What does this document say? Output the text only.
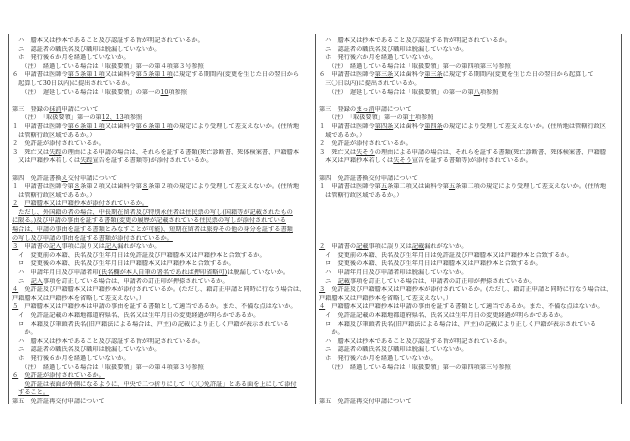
　ハ　謄本又は抄本であること及び認証する旨が明記されているか。
　ニ　認証者の職氏名及び職印は脱漏していないか。
　ホ　発行後６か月を経過していないか。
　　（注）　経過している場合は「取扱要領」第一の第４項第３号参照
６　申請書は医師令第５条第１項又は歯科令第５条第１項に規定する期間内(変更を生じた日の翌日から
　起算して30日以内)に提出されているか。
　　（注）　遅延している場合は「取扱要領」の第一の10項参照
第三　登録の抹消申請について
　　（注）　「取扱要領」第一の第12、13項参照
１　申請書は医師令第６条第１項又は歯科令第６条第１項の規定により受理して差支えないか。(住所地
　は管轄行政区域であるか。）
２　免許証が添付されているか。
３　死亡又は失踪の理由による申請の場合は、それらを証する書類(死亡診断書、死体検案書、戸籍謄本
　又は戸籍抄本若しくは失踪宣告を証する書類等)が添付されているか。
第四　免許証書換え交付申請について
１　申請書は医師令第８条第２項又は歯科令第８条第２項の規定により受理して差支えないか。(住所地
　は管轄行政区域であるか。）
２　 戸籍謄本又は戸籍抄本が添付されているか。
　ただし、外国籍の者の場合、中長期在留者及び特別永住者は住民票の写し(国籍等が記載されたもの
に限る。)及び申請の事由を証する書類(変更の履歴が記載されている住民票の写しが添付されている
場合は、申請の事由を証する書類とみなすことが可能)、短期在留者は旅券その他の身分を証する書類
の写し及び申請の事由を証する書類が添付されているか。
３　申請書の記入事項に誤り又は記入漏れがないか。
　イ　変更前の本籍、氏名及び生年月日は免許証及び戸籍謄本又は戸籍抄本と合致するか。
　ロ　変更後の本籍、氏名及び生年月日は戸籍謄本又は戸籍抄本と合致するか。
　ハ　申請年月日及び申請者印(氏名欄が本人自筆の署名であれば押印省略可)は脱漏していないか。
　ニ　記入事項を訂正している場合は、申請者の訂正印が押捺されているか。
４　免許証及び戸籍謄本又は戸籍抄本が添付されているか。(ただし、籍訂正申請と同時に行なう場合は、
戸籍謄本又は戸籍抄本を省略して差支えない。）
５　戸籍謄本又は戸籍抄本は申請の事由を証する書類として適当であるか。また、不備な点はないか。
　イ　免許証記載の本籍地都道府県名、氏名又は生年月日の変更経過が明らかであるか。
　ロ　本籍及び筆頭者氏名(旧戸籍法による場合は、戸主)の記載により正しく戸籍が表示されている
　　か。
　ハ　謄本又は抄本であること及び認証する旨が明記されているか。
　ニ　認証者の職氏名及び職印は脱漏していないか。
　ホ　発行後６か月を経過していないか。
　　（注）　経過している場合は「取扱要領」第一の第４項第３号参照
６　 免許証が添付されているか。
　　免許証は表面が外側になるように、中央で二つ折りにして「〇〇免許証」とある面を上にして添付
　すること。
第五　免許証再交付申請について
　ハ　謄本又は抄本であること及び認証する旨が明記されているか。
　ニ　認証者の職氏名及び職印は脱漏していないか。
　ホ　発行後六か月を経過していないか。
　　（注）　経過している場合は「取扱要領」第一の第四項第三号参照
６　申請書は医師令第三条又は歯科令第三条に規定する期間内(変更を生じた日の翌日から起算して
　三〇日以内)に提出されているか。
　　（注）　遅延している場合は「取扱要領」の第一の第八項参照
第三　登録のまっ消申請について
　　（注）　「取扱要領」第一の第十項参照
１　申請書は医師令第四条又は歯科令第四条の規定により受理して差支えないか。(住所地は管轄行政区
　域であるか。）
２　免許証が添付されているか。
３　死亡又は失そうの理由による申請の場合は、それらを証する書類(死亡診断書、死体検案書、戸籍謄
　本又は戸籍抄本若しくは失そう宣告を証する書類等)が添付されているか。
第四　免許証書換交付申請について
１　申請書は医師令第五条第二項又は歯科令第五条第二項の規定により受理して差支えないか。(住所地
　は管轄行政区域であるか。）
２　申請書の記載事項に誤り又は記載漏れがないか。
　イ　変更前の本籍、氏名及び生年月日は免許証及び戸籍謄本又は戸籍抄本と合致するか。
　ロ　変更後の本籍、氏名及び生年月日は戸籍謄本又は戸籍抄本と合致するか。
　ハ　申請年月日及び申請者印は脱漏していないか。
　ニ　記載事項を訂正している場合は、申請者の訂正印が押捺されているか。
３　免許証及び戸籍謄本又は戸籍抄本が添付されているか。(ただし、籍訂正申請と同時に行なう場合は、
戸籍謄本又は戸籍抄本を省略して差支えない。）
４　戸籍謄本又は戸籍抄本は申請の事由を証する書類として適当であるか。また、不備な点はないか。
　イ　免許証記載の本籍地都道府県名、氏名又は生年月日の変更経過が明らかであるか。
　ロ　本籍及び筆頭者氏名(旧戸籍法による場合は、戸主)の記載により正しく戸籍が表示されている
　　か。
　ハ　謄本又は抄本であること及び認証する旨が明記されているか。
　ニ　認証者の職氏名及び職印は脱漏していないか。
　ホ　発行後六か月を経過していないか。
　　（注）　経過している場合は「取扱要領」第一の第四項第三号参照
第五　免許証再交付申請について
